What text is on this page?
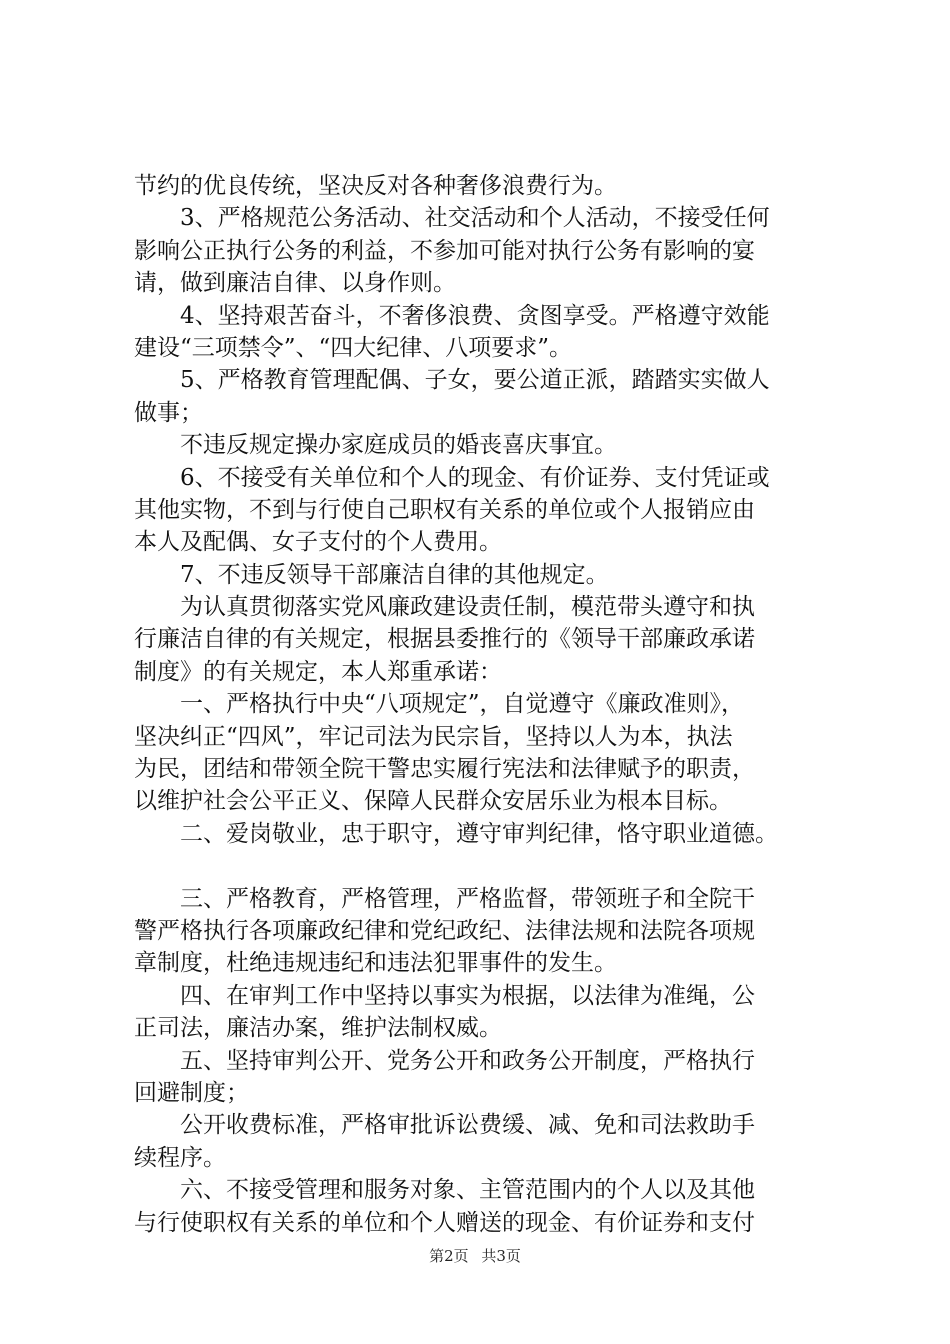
节约的优良传统，坚决反对各种奢侈浪费行为。
3、严格规范公务活动、社交活动和个人活动，不接受任何
影响公正执行公务的利益，不参加可能对执行公务有影响的宴
请，做到廉洁自律、以身作则。
4、坚持艰苦奋斗，不奢侈浪费、贪图享受。严格遵守效能
建设“三项禁令”、“四大纪律、八项要求”。
5、严格教育管理配偶、子女，要公道正派，踏踏实实做人
做事；
不违反规定操办家庭成员的婚丧喜庆事宜。
6、不接受有关单位和个人的现金、有价证券、支付凭证或
其他实物，不到与行使自己职权有关系的单位或个人报销应由
本人及配偶、女子支付的个人费用。
7、不违反领导干部廉洁自律的其他规定。
为认真贯彻落实党风廉政建设责任制，模范带头遵守和执
行廉洁自律的有关规定，根据县委推行的《领导干部廉政承诺
制度》的有关规定，本人郑重承诺：
一、严格执行中央“八项规定”，自觉遵守《廉政准则》，
坚决纠正“四风”，牢记司法为民宗旨，坚持以人为本，执法
为民，团结和带领全院干警忠实履行宪法和法律赋予的职责，
以维护社会公平正义、保障人民群众安居乐业为根本目标。
二、爱岗敬业，忠于职守，遵守审判纪律，恪守职业道德。
三、严格教育，严格管理，严格监督，带领班子和全院干
警严格执行各项廉政纪律和党纪政纪、法律法规和法院各项规
章制度，杜绝违规违纪和违法犯罪事件的发生。
四、在审判工作中坚持以事实为根据，以法律为准绳，公
正司法，廉洁办案，维护法制权威。
五、坚持审判公开、党务公开和政务公开制度，严格执行
回避制度；
公开收费标准，严格审批诉讼费缓、减、免和司法救助手
续程序。
六、不接受管理和服务对象、主管范围内的个人以及其他
与行使职权有关系的单位和个人赠送的现金、有价证券和支付
第2页 共3页
